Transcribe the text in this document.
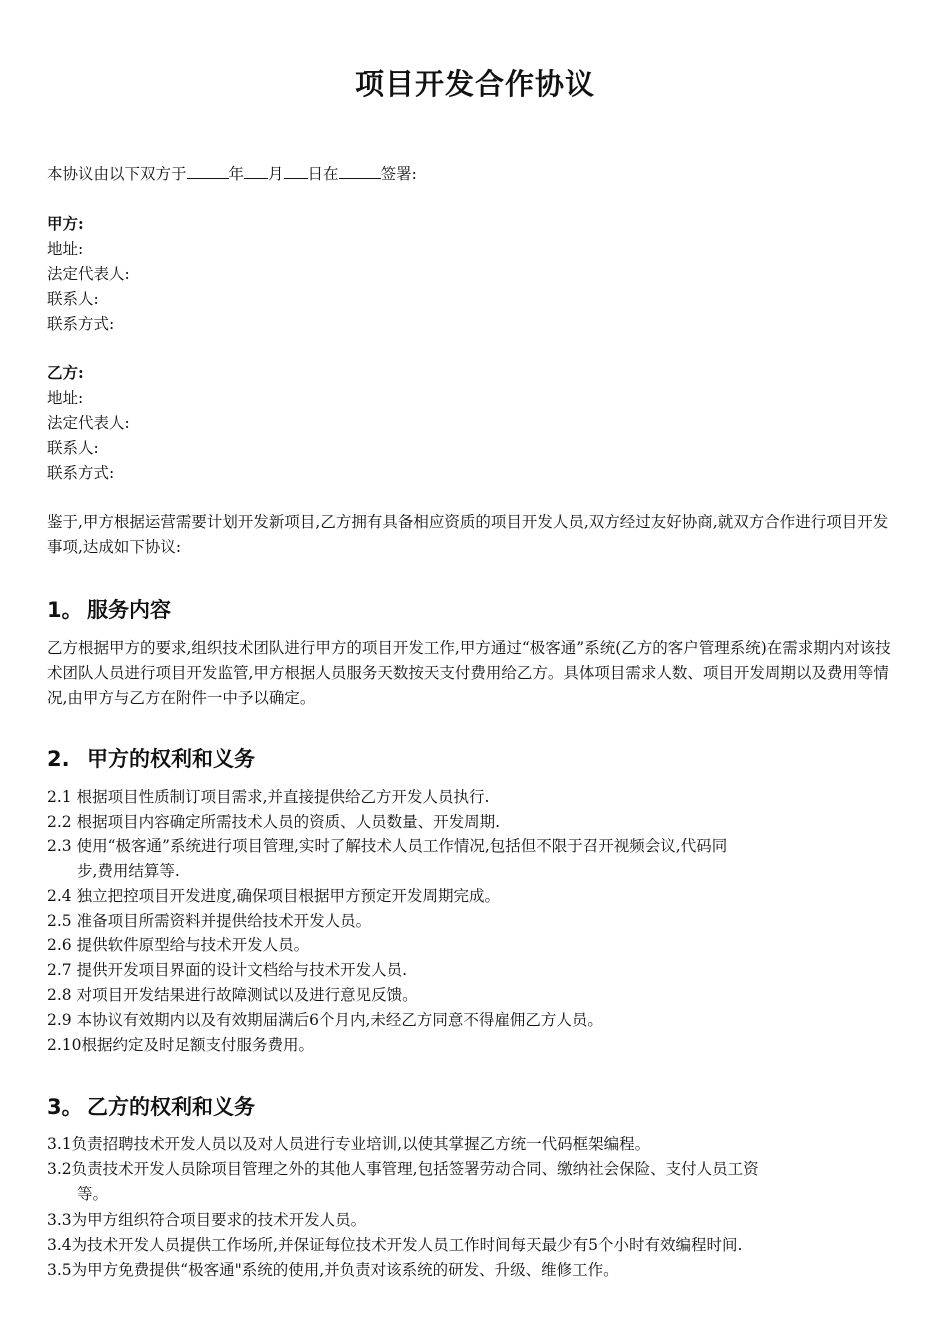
项目开发合作协议
本协议由以下双方于	年 月 日在	签署:
甲方:
地址:
法定代表人:
联系人:
联系方式:
乙方:
地址:
法定代表人:
联系人:
联系方式:
鉴于,甲方根据运营需要计划开发新项目,乙方拥有具备相应资质的项目开发人员,双方经过友好协商,就双方合作进行项目开发事项,达成如下协议:
1。 服务内容
乙方根据甲方的要求,组织技术团队进行甲方的项目开发工作,甲方通过“极客通”系统(乙方的客户管理系统)在需求期内对该技术团队人员进行项目开发监管,甲方根据人员服务天数按天支付费用给乙方。具体项目需求人数、项目开发周期以及费用等情况,由甲方与乙方在附件一中予以确定。
2. 甲方的权利和义务
2.1 根据项目性质制订项目需求,并直接提供给乙方开发人员执行.
2.2 根据项目内容确定所需技术人员的资质、人员数量、开发周期.
2.3 使用“极客通”系统进行项目管理,实时了解技术人员工作情况,包括但不限于召开视频会议,代码同
步,费用结算等.
2.4 独立把控项目开发进度,确保项目根据甲方预定开发周期完成。
2.5 准备项目所需资料并提供给技术开发人员。
2.6 提供软件原型给与技术开发人员。
2.7 提供开发项目界面的设计文档给与技术开发人员.
2.8 对项目开发结果进行故障测试以及进行意见反馈。
2.9 本协议有效期内以及有效期届满后6个月内,未经乙方同意不得雇佣乙方人员。
2.10根据约定及时足额支付服务费用。
3。 乙方的权利和义务
3.1负责招聘技术开发人员以及对人员进行专业培训,以使其掌握乙方统一代码框架编程。
3.2负责技术开发人员除项目管理之外的其他人事管理,包括签署劳动合同、缴纳社会保险、支付人员工资
等。
3.3为甲方组织符合项目要求的技术开发人员。
3.4为技术开发人员提供工作场所,并保证每位技术开发人员工作时间每天最少有5个小时有效编程时间.
3.5为甲方免费提供“极客通"系统的使用,并负责对该系统的研发、升级、维修工作。
